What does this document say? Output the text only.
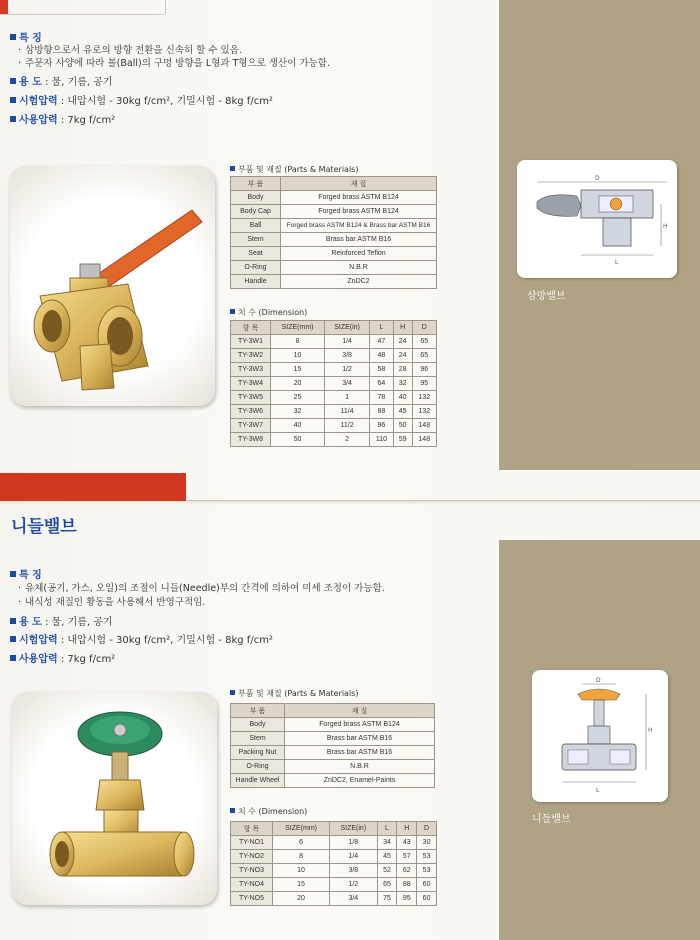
특 징
· 삼방향으로서 유로의 방향 전환을 신속히 할 수 있음.
· 주문자 사양에 따라 볼(Ball)의 구멍 방향을 L형과 T형으로 생산이 가능함.
용 도 : 물, 기름, 공기
시험압력 : 내압시험 - 30kg f/cm², 기밀시험 - 8kg f/cm²
사용압력 : 7kg f/cm²
부품 및 재질 (Parts & Materials)
부 품	재 질
Body	Forged brass ASTM B124
Body Cap	Forged brass ASTM B124
Ball	Forged brass ASTM B124 & Brass bar ASTM B16
Stem	Brass bar ASTM B16
Seat	Reinforced Teflon
O-Ring	N.B.R
Handle	ZnDC2
치 수 (Dimension)
항 목	SIZE(mm)	SIZE(in)	L	H	D
TY-3W1	8	1/4	47	24	65
TY-3W2	10	3/8	48	24	65
TY-3W3	15	1/2	58	28	96
TY-3W4	20	3/4	64	32	95
TY-3W5	25	1	78	40	132
TY-3W6	32	11/4	88	45	132
TY-3W7	40	11/2	96	50	148
TY-3W8	50	2	110	59	148
D
L
H
삼방밸브
니들밸브
특 징
· 유체(공기, 가스, 오일)의 조절이 니들(Needle)부의 간격에 의하여 미세 조정이 가능함.
· 내식성 재질인 황동을 사용해서 반영구적임.
용 도 : 물, 기름, 공기
시험압력 : 내압시험 - 30kg f/cm², 기밀시험 - 8kg f/cm²
사용압력 : 7kg f/cm²
부품 및 재질 (Parts & Materials)
부 품	재 질
Body	Forged brass ASTM B124
Stem	Brass bar ASTM B16
Packing Nut	Brass bar ASTM B16
O-Ring	N.B.R
Handle Wheel	ZnDC2, Enamel-Paints
치 수 (Dimension)
항 목	SIZE(mm)	SIZE(in)	L	H	D
TY-NO1	6	1/8	34	43	30
TY-NO2	8	1/4	45	57	53
TY-NO3	10	3/8	52	62	53
TY-NO4	15	1/2	65	88	60
TY-NO5	20	3/4	75	95	60
D
L
H
니들밸브
